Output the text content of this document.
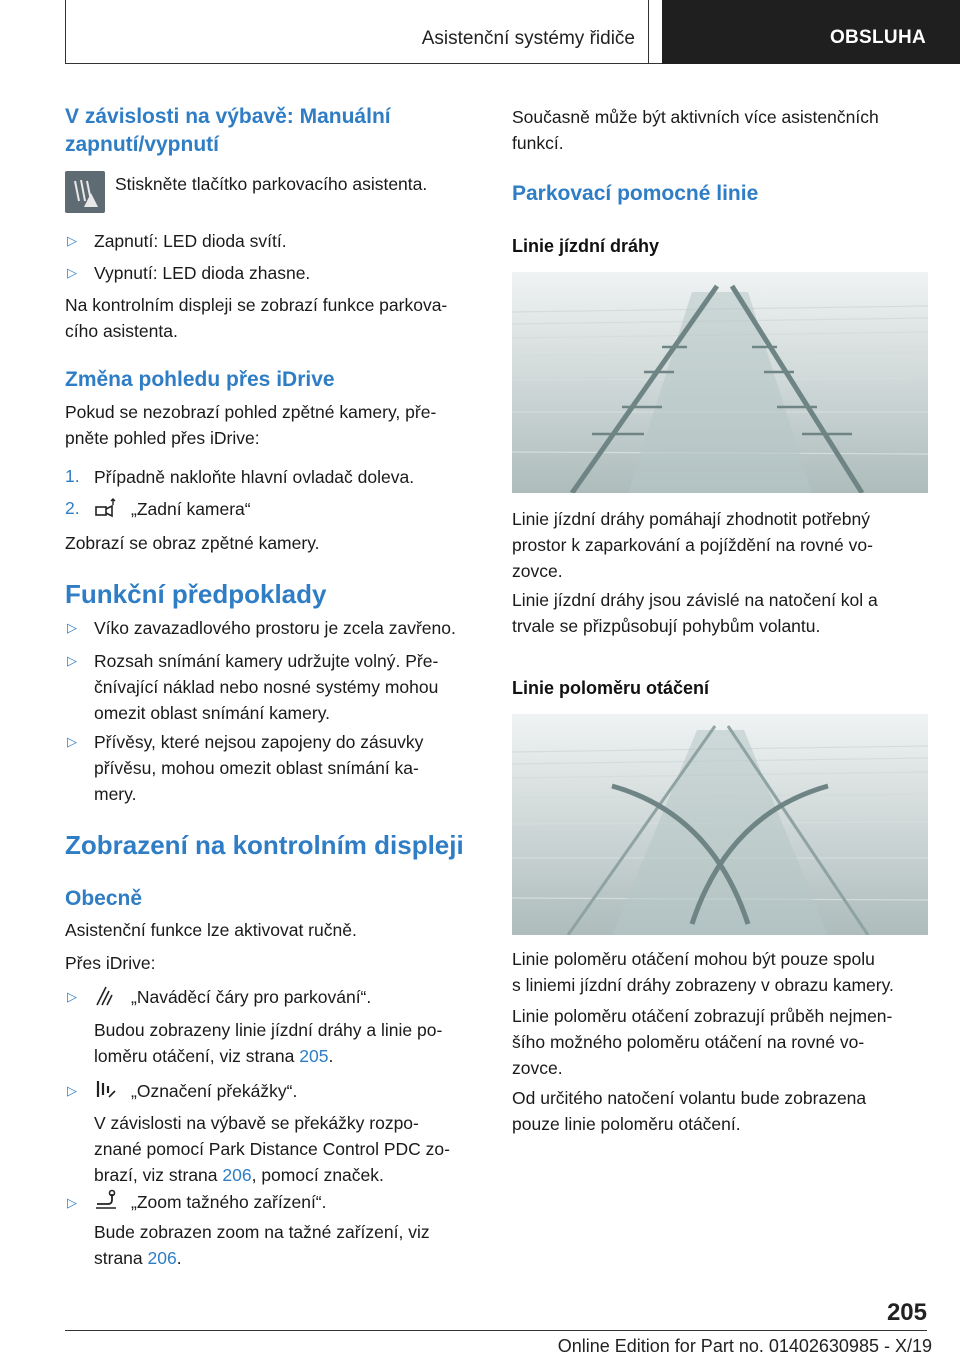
Asistenční systémy řidiče	OBSLUHA
V závislosti na výbavě: Manuální
zapnutí/vypnutí
Stiskněte tlačítko parkovacího asistenta.
▷ Zapnutí: LED dioda svítí.
▷ Vypnutí: LED dioda zhasne.
Na kontrolním displeji se zobrazí funkce parkova‐
cího asistenta.
Změna pohledu přes iDrive
Pokud se nezobrazí pohled zpětné kamery, pře‐
pněte pohled přes iDrive:
1. Případně nakloňte hlavní ovladač doleva.
2.	„Zadní kamera“
Zobrazí se obraz zpětné kamery.
Funkční předpoklady
▷ Víko zavazadlového prostoru je zcela zavřeno.
▷ Rozsah snímání kamery udržujte volný. Pře‐
čnívající náklad nebo nosné systémy mohou
omezit oblast snímání kamery.
▷ Přívěsy, které nejsou zapojeny do zásuvky
přívěsu, mohou omezit oblast snímání ka‐
mery.
Zobrazení na kontrolním displeji
Obecně
Asistenční funkce lze aktivovat ručně.
Přes iDrive:
▷	„Naváděcí čáry pro parkování“.
Budou zobrazeny linie jízdní dráhy a linie po‐
loměru otáčení, viz strana 205.
▷	„Označení překážky“.
V závislosti na výbavě se překážky rozpo‐
znané pomocí Park Distance Control PDC zo‐
brazí, viz strana 206, pomocí značek.
▷	„Zoom tažného zařízení“.
Bude zobrazen zoom na tažné zařízení, viz
strana 206.
Současně může být aktivních více asistenčních
funkcí.
Parkovací pomocné linie
Linie jízdní dráhy
Linie jízdní dráhy pomáhají zhodnotit potřebný
prostor k zaparkování a pojíždění na rovné vo‐
zovce.
Linie jízdní dráhy jsou závislé na natočení kol a
trvale se přizpůsobují pohybům volantu.
Linie poloměru otáčení
Linie poloměru otáčení mohou být pouze spolu
s liniemi jízdní dráhy zobrazeny v obrazu kamery.
Linie poloměru otáčení zobrazují průběh nejmen‐
šího možného poloměru otáčení na rovné vo‐
zovce.
Od určitého natočení volantu bude zobrazena
pouze linie poloměru otáčení.
205
Online Edition for Part no. 01402630985 - X/19
